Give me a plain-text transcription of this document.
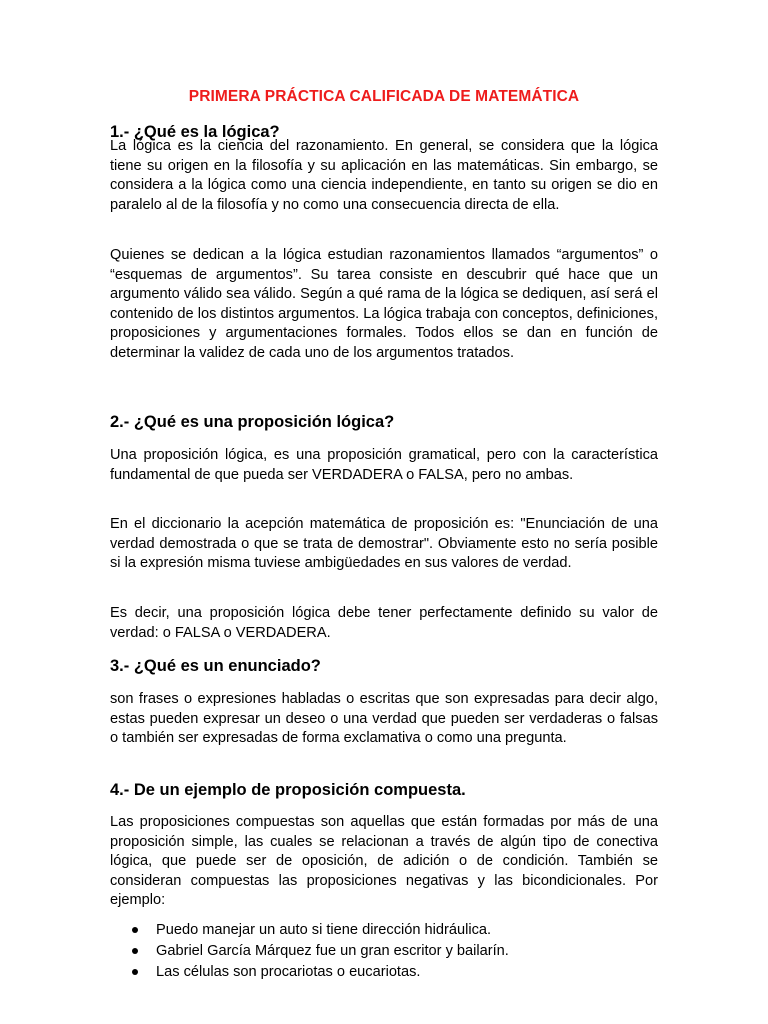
PRIMERA PRÁCTICA CALIFICADA DE MATEMÁTICA
1.- ¿Qué es la lógica?
La lógica es la ciencia del razonamiento. En general, se considera que la lógica tiene su origen en la filosofía y su aplicación en las matemáticas. Sin embargo, se considera a la lógica como una ciencia independiente, en tanto su origen se dio en paralelo al de la filosofía y no como una consecuencia directa de ella.
Quienes se dedican a la lógica estudian razonamientos llamados “argumentos” o “esquemas de argumentos”. Su tarea consiste en descubrir qué hace que un argumento válido sea válido. Según a qué rama de la lógica se dediquen, así será el contenido de los distintos argumentos. La lógica trabaja con conceptos, definiciones, proposiciones y argumentaciones formales. Todos ellos se dan en función de determinar la validez de cada uno de los argumentos tratados.
2.- ¿Qué es una proposición lógica?
Una proposición lógica, es una proposición gramatical, pero con la característica fundamental de que pueda ser VERDADERA o FALSA, pero no ambas.
En el diccionario la acepción matemática de proposición es: "Enunciación de una verdad demostrada o que se trata de demostrar". Obviamente esto no sería posible si la expresión misma tuviese ambigüedades en sus valores de verdad.
Es decir, una proposición lógica debe tener perfectamente definido su valor de verdad: o FALSA o VERDADERA.
3.- ¿Qué es un enunciado?
son frases o expresiones habladas o escritas que son expresadas para decir algo, estas pueden expresar un deseo o una verdad que pueden ser verdaderas o falsas o también ser expresadas de forma exclamativa o como una pregunta.
4.- De un ejemplo de proposición compuesta.
Las proposiciones compuestas son aquellas que están formadas por más de una proposición simple, las cuales se relacionan a través de algún tipo de conectiva lógica, que puede ser de oposición, de adición o de condición. También se consideran compuestas las proposiciones negativas y las bicondicionales. Por ejemplo:
Puedo manejar un auto si tiene dirección hidráulica.
Gabriel García Márquez fue un gran escritor y bailarín.
Las células son procariotas o eucariotas.
